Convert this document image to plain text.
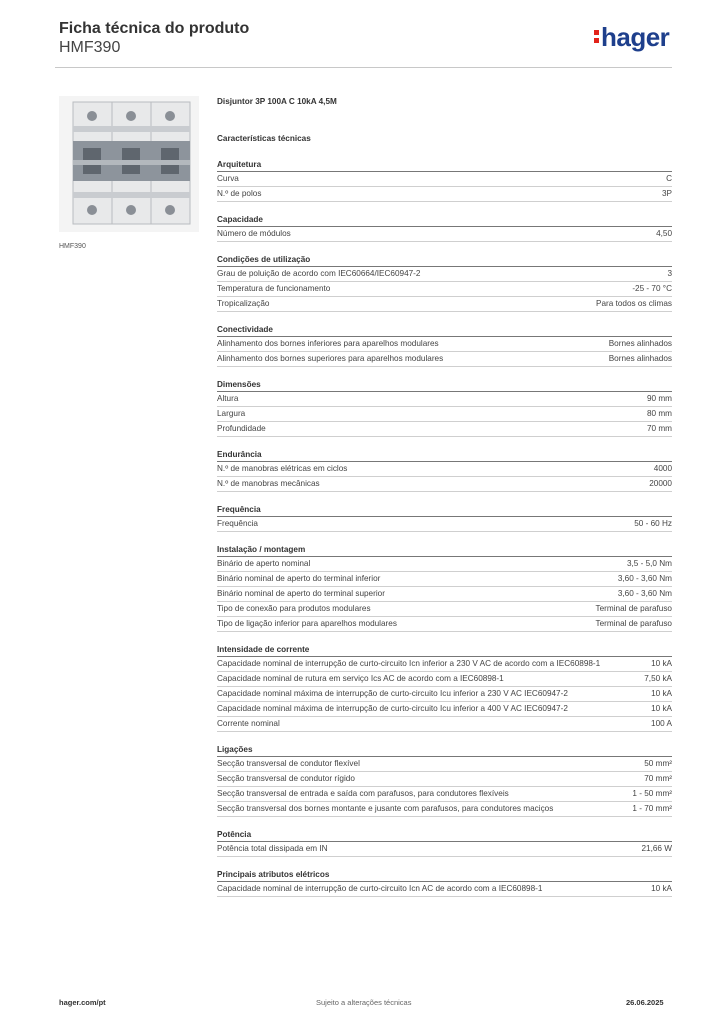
Ficha técnica do produto
HMF390	hager
HMF390
Disjuntor 3P 100A C 10kA 4,5M
Características técnicas
Arquitetura
Curva	C
N.º de polos	3P
Capacidade
Número de módulos	4,50
Condições de utilização
Grau de poluição de acordo com IEC60664/IEC60947-2	3
Temperatura de funcionamento	-25 - 70 °C
Tropicalização	Para todos os climas
Conectividade
Alinhamento dos bornes inferiores para aparelhos modulares	Bornes alinhados
Alinhamento dos bornes superiores para aparelhos modulares	Bornes alinhados
Dimensões
Altura	90 mm
Largura	80 mm
Profundidade	70 mm
Endurância
N.º de manobras elétricas em ciclos	4000
N.º de manobras mecânicas	20000
Frequência
Frequência	50 - 60 Hz
Instalação / montagem
Binário de aperto nominal	3,5 - 5,0 Nm
Binário nominal de aperto do terminal inferior	3,60 - 3,60 Nm
Binário nominal de aperto do terminal superior	3,60 - 3,60 Nm
Tipo de conexão para produtos modulares	Terminal de parafuso
Tipo de ligação inferior para aparelhos modulares	Terminal de parafuso
Intensidade de corrente
Capacidade nominal de interrupção de curto-circuito Icn inferior a 230 V AC de acordo com a IEC60898-1	10 kA
Capacidade nominal de rutura em serviço Ics AC de acordo com a IEC60898-1	7,50 kA
Capacidade nominal máxima de interrupção de curto-circuito Icu inferior a 230 V AC IEC60947-2	10 kA
Capacidade nominal máxima de interrupção de curto-circuito Icu inferior a 400 V AC IEC60947-2	10 kA
Corrente nominal	100 A
Ligações
Secção transversal de condutor flexível	50 mm²
Secção transversal de condutor rígido	70 mm²
Secção transversal de entrada e saída com parafusos, para condutores flexíveis	1 - 50 mm²
Secção transversal dos bornes montante e jusante com parafusos, para condutores maciços	1 - 70 mm²
Potência
Potência total dissipada em IN	21,66 W
Principais atributos elétricos
Capacidade nominal de interrupção de curto-circuito Icn AC de acordo com a IEC60898-1	10 kA
hager.com/pt	Sujeito a alterações técnicas	26.06.2025
